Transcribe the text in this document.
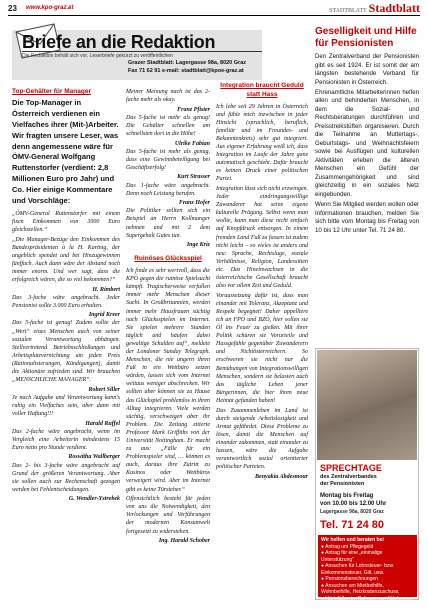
23 www.kpo-graz.at	STADTBLATT Stadtblatt
Briefe an die Redaktion
Die Redaktion behält sich vor, Leserbriefe gekürzt zu veröffentlichen
Grazer Stadtblatt: Lagergasse 98a, 8020 Graz
Fax 71 62 91 e-mail: stadtblatt@kpoe-graz.at
Top-Gehälter für Manager
Die Top-Manager in Österreich verdienen ein Vielfaches ihrer (Mit-)Arbeiter. Wir fragten unsere Leser, was denn angemessene wäre für ÖMV-General Wolfgang Ruttenstorfer (verdient: 2,8 Millionen Euro pro Jahr) und Co. Hier einige Kommentare und Vorschläge:

„ÖMV-General Ruttenstorfer mit einem fixen Einkommen von 3000 Euro gleichstellen.“

„Die Manager-Bezüge den Einkommen des Bundespräsidenten à la H. Kartnig, der angeblich spendet und bei Hinzugewinnen fünffach. Auch dann wäre der Abstand noch immer enorm. Und wer sagt, dass die erfolgreich wären, die so viel bekommen?“

H. Rimbert

Das 3-fache wäre angebracht. Jeder Pensionist sollte 3.000 Euro erhalten.

Ingrid Kreer

Das 5-fache ist genug! Zudem sollte der „Wert“ eines Menschen auch von seiner sozialen Verantwortung abhängen. Stellvertretend Betriebsschließungen und Arbeitsplatzvernichtung um jeden Preis (Rationalisierungen, Kündigungen), damit die Aktionäre zufrieden sind. Wir brauchen „MENSCHLICHE MANAGER“.

Robert Siller

Je nach Aufgabe und Verantwortung kann's ruhig ein Vielfaches sein, aber dann mit voller Haftung!!!

Harald Ruffel

Das 2-fache wäre angebracht, wenn im Vergleich eine Arbeiterin mindestens 15 Euro netto pro Stunde verdient.

Roswitha Wallberger

Das 2- bis 3-fache wäre angebracht auf Grund der größeren Verantwortung. Aber sie sollen auch zur Rechenschaft gezogen werden bei Fehlentscheidungen.

G. Wendler-Ystrebek

Meiner Meinung nach ist das 2-fache mehr als okay.

Franz Pfister

Das 5-fache ist mehr als genug! Die Gehälter schnellen am schnellsten dort in die Höhe!

Ulrike Fabian

Das 5-fache ist mehr als genug, dass eine Gewinnbeteiligung bei Geschäftserfolg!

Kurt Strasser

Das 1-fache wäre angebracht. Denn noch Leistung berufen.

Franz Hofer

Die Politiker sollten sich ein Beispiel an Herrn Kollmanger nehmen und mit 2 dem Supergehalt Gutes tun.

Inge Kriz
Ruinöses Glücksspiel

Ich finde es sehr wertvoll, dass die KPÖ gegen die ruinöse Spielsucht kämpft. Tragischerweise verfallen immer mehr Menschen dieser Sucht. In Großbritannien, werden immer mehr Hausfrauen süchtig nach Glücksspielen im Internet. Sie spielen mehrere Stunden täglich und häufen dabei gewaltige Schulden auf“, meldete der Londoner Sunday Telegraph. Menschen, die nie ungern ihren Fuß in ein Wettbüro setzen würden, lassen sich vom Internet weitaus weniger abschrecken. Wir sollten aber können sie zu Hause das Glückspiel problemlos in ihren Alltag integrieren. Viele werden süchtig, verschweigen aber ihr Problem. Die Zeitung zitierte Professor Mark Griffiths von der Universität Nottingham. Er macht zu aus: „Fälle für ein Problemspieler sind, … können es auch, daraus ihre Zutritt zu Kasinos oder Wettbüros verweigert wird. Aber im Internet gibt es keine Türsteher.“

Offensichtlich besteht für jeden von uns die Notwendigkeit, den Verlockungen und Verführungen der modernen Konsumwelt fortgesetzt zu widerstehen.

Ing. Harald Schober
Integration braucht Geduld statt Hass

Ich lebe seit 29 Jahren in Österreich und fühle mich inzwischen in jeder Hinsicht (sprachlich, beruflich, familiär und im Freundes- und Bekanntenkreis) sehr gut integriert. Aus eigener Erfahrung weiß ich, dass Integration im Laufe der Jahre ganz automatisch geschieht. Dafür braucht es keinen Druck einer politischen Partei.

Integration lässt sich nicht erzwingen. Jeder eindringungswillige Zuwanderer hat seine eigene kulturelle Prägung. Selbst wenn man wollte, kann man diese nicht einfach auf Knopfdruck entsorgen. In einem fremden Land Fuß zu fassen ist zudem nicht leicht – so vieles ist anders und neu: Sprache, Rechtslage, soziale Verhältnisse, Religion, Landessitten etc. Das Hineinwachsen in die österreichische Gesellschaft braucht also vor allem Zeit und Geduld.

Voraussetzung dafür ist, dass man einander mit Toleranz, Akzeptanz und Respekt begegnet! Daher appelliere ich an FPÖ und BZÖ, hier sollen sie Öl ins Feuer zu gießen. Mit ihrer Politik schüren sie Vorurteile und Hassgefühle gegenüber Zuwanderern und Nichtösterreichern. So erschweren sie nicht nur die Bemühungen von Integrationswilligen Menschen, sondern sie belasten auch das tägliche Leben jener Bürgerinnen, die hier ihren neue Heimat gefunden haben!

Das Zusammenleben im Land ist durch steigende Arbeitslosigkeit und Armut gefährdet. Diese Probleme zu lösen, damit die Menschen auf einander zukommen, statt einander zu hassen, wäre die Aufgabe verantwortlich sozial orientierter politischer Parteien.

Benyakia Abdesmour
Geselligkeit und Hilfe für Pensionisten

Den Zentralverband der Pensionisten gibt es seit 1924. Er ist somit der am längsten bestehende Verband für Pensionisten in Österreich.

Ehrenamtliche Mitarbeiterinnen helfen allen und behinderten Menschen, in dem die Sozial- und Rechtsberatungen durchführen und Preisstreikstüften organisieren. Durch die Teilnahme an Muttertags-, Geburtstags- und Weihnachtsfeiern sowie bei Ausflügen und kulturellen Aktivitäten erleben die älteren Menschen ein Gefühl der Zusammengehörigkeit und sind gleichzeitig in ein soziales Netz eingebunden.

Wenn Sie Mitglied werden wollen oder Informationen brauchen, melden Sie sich bitte vom Montag bis Freitag von 10 bis 12 Uhr unter Tel. 71 24 80.

SPRECHTAGE
des Zentralverbandes
der Pensionisten
Montag bis Freitag
von 10.00 bis 12.00 Uhr
Lagergasse 98a, 8020 Graz
Tel. 71 24 80
Wir helfen und beraten bei
● Antrag um Pflegegeld
● Antrag für eine „einmalige Unterstützung“
● Ansuchen für Lohnsteuer- bzw. Einkommensteuer, Gilt, usw.
● Pensionsberechnungen
● Ansuchen um Mietbeihilfe, Wohnbeihilfe, Heizkostenzuschuss,
● Härtefällen im Rahmen von Ablehnung und Erfüllung
